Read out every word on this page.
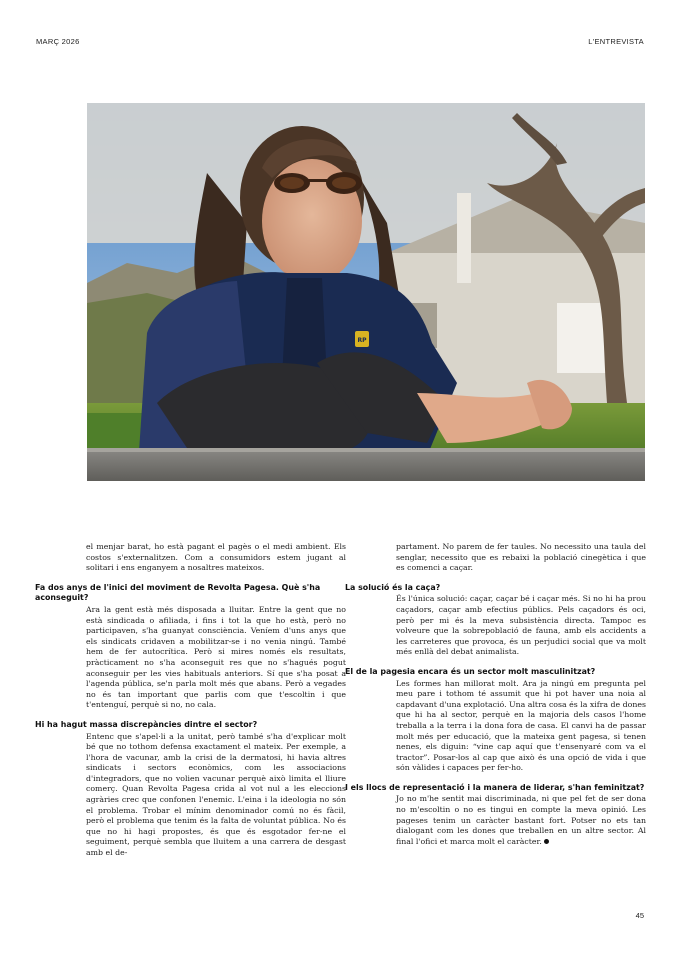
MARÇ 2026	L'ENTREVISTA
RP

el menjar barat, ho està pagant el pagès o el medi ambient. Els costos s'externalitzen. Com a consumidors estem jugant al solitari i ens enganyem a nosaltres mateixos.

Fa dos anys de l'inici del moviment de Revolta Pagesa. Què s'ha aconseguit?

Ara la gent està més disposada a lluitar. Entre la gent que no està sindicada o afiliada, i fins i tot la que ho està, però no participaven, s'ha guanyat consciència. Veníem d'uns anys que els sindicats cridaven a mobilitzar-se i no venia ningú. També hem de fer autocrítica. Però si mires només els resultats, pràcticament no s'ha aconseguit res que no s'hagués pogut aconseguir per les vies habituals anteriors. Sí que s'ha posat a l'agenda pública, se'n parla molt més que abans. Però a vegades no és tan important que parlis com que t'escoltin i que t'entenguí, perquè si no, no cala.

Hi ha hagut massa discrepàncies dintre el sector?

Entenc que s'apel·li a la unitat, però també s'ha d'explicar molt bé que no tothom defensa exactament el mateix. Per exemple, a l'hora de vacunar, amb la crisi de la dermatosi, hi havia altres sindicats i sectors econòmics, com les associacions d'integradors, que no volien vacunar perquè això limita el lliure comerç. Quan Revolta Pagesa crida al vot nul a les eleccions agràries crec que confonen l'enemic. L'eina i la ideologia no són el problema. Trobar el mínim denominador comú no és fàcil, però el problema que tenim és la falta de voluntat pública. No és que no hi hagi propostes, és que és esgotador fer-ne el seguiment, perquè sembla que lluitem a una carrera de desgast amb el de-

partament. No parem de fer taules. No necessito una taula del senglar, necessito que es rebaixi la població cinegètica i que es comenci a caçar.

La solució és la caça?

És l'única solució: caçar, caçar bé i caçar més. Si no hi ha prou caçadors, caçar amb efectius públics. Pels caçadors és oci, però per mi és la meva subsistència directa. Tampoc es volveure que la sobrepoblació de fauna, amb els accidents a les carreteres que provoca, és un perjudici social que va molt més enllà del debat animalista.

El de la pagesia encara és un sector molt masculinitzat?

Les formes han millorat molt. Ara ja ningú em pregunta pel meu pare i tothom té assumit que hi pot haver una noia al capdavant d'una explotació. Una altra cosa és la xifra de dones que hi ha al sector, perquè en la majoria dels casos l'home treballa a la terra i la dona fora de casa. El canvi ha de passar molt més per educació, que la mateixa gent pagesa, si tenen nenes, els diguin: “vine cap aquí que t'ensenyaré com va el tractor”. Posar-los al cap que això és una opció de vida i que són vàlides i capaces per fer-ho.

I els llocs de representació i la manera de liderar, s'han feminitzat?

Jo no m'he sentit mai discriminada, ni que pel fet de ser dona no m'escoltin o no es tingui en compte la meva opinió. Les pageses tenim un caràcter bastant fort. Potser no ets tan dialogant com les dones que treballen en un altre sector. Al final l'ofici et marca molt el caràcter.

45
